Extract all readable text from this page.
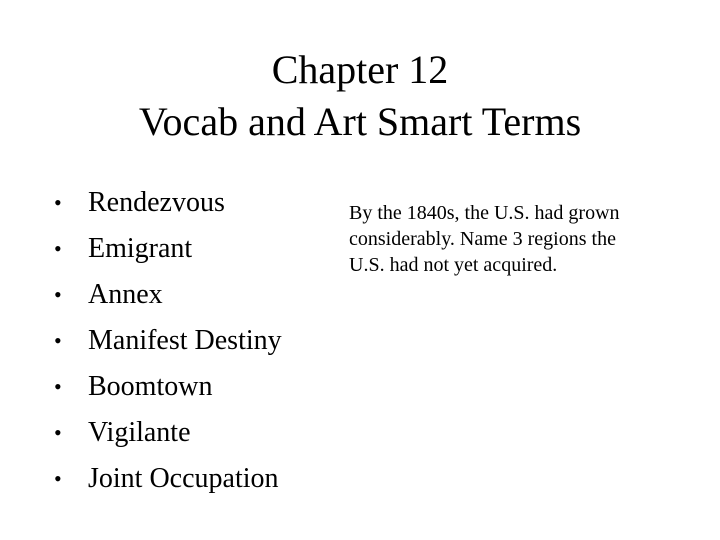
Chapter 12
Vocab and Art Smart Terms
• Rendezvous
• Emigrant
• Annex
• Manifest Destiny
• Boomtown
• Vigilante
• Joint Occupation
By the 1840s, the U.S. had grown
considerably. Name 3 regions the
U.S. had not yet acquired.
